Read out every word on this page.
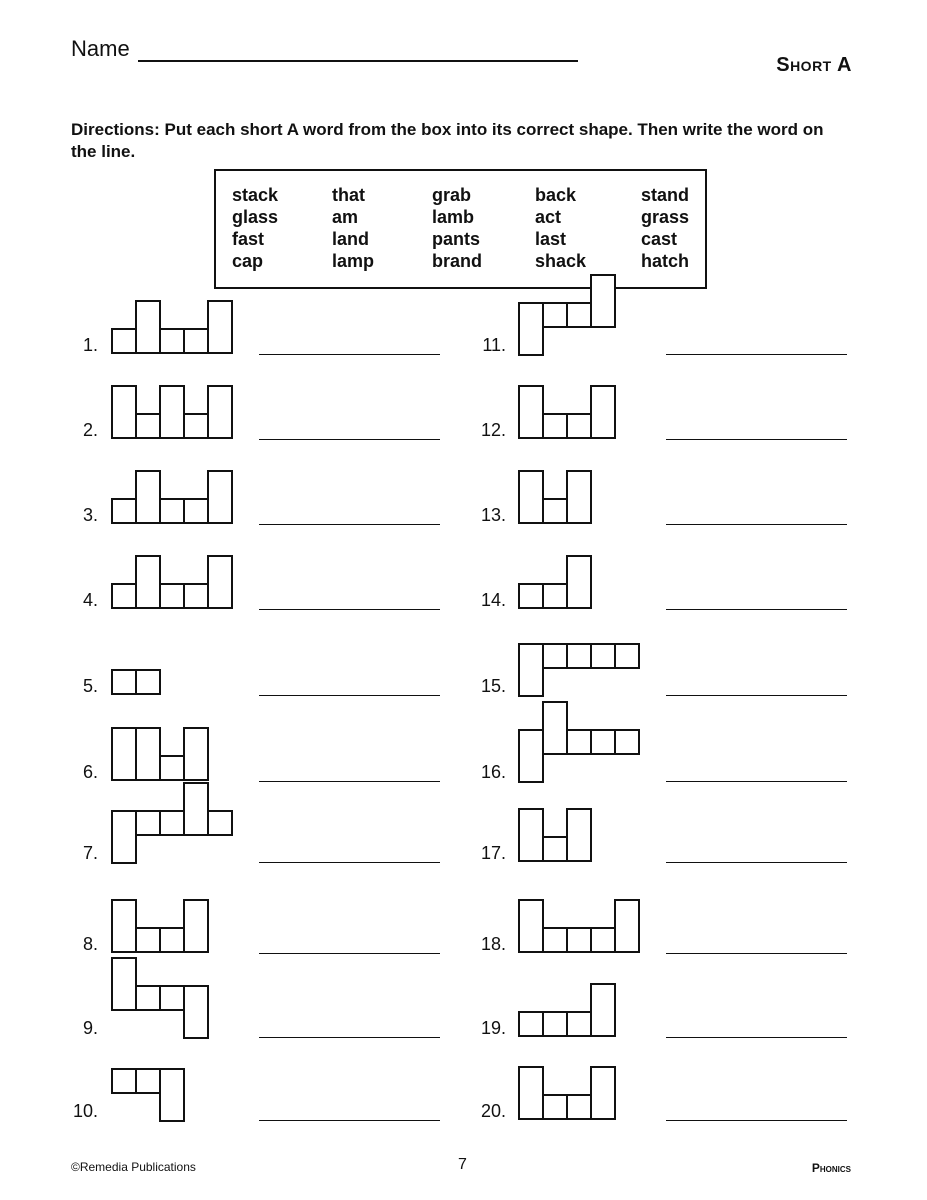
Name
Short A
Directions: Put each short A word from the box into its correct shape. Then write the word on the line.
stack
glass
fast
cap
that
am
land
lamp
grab
lamb
pants
brand
back
act
last
shack
stand
grass
cast
hatch
1.
2.
3.
4.
5.
6.
7.
8.
9.
10.
11.
12.
13.
14.
15.
16.
17.
18.
19.
20.
©Remedia Publications	7	Phonics
